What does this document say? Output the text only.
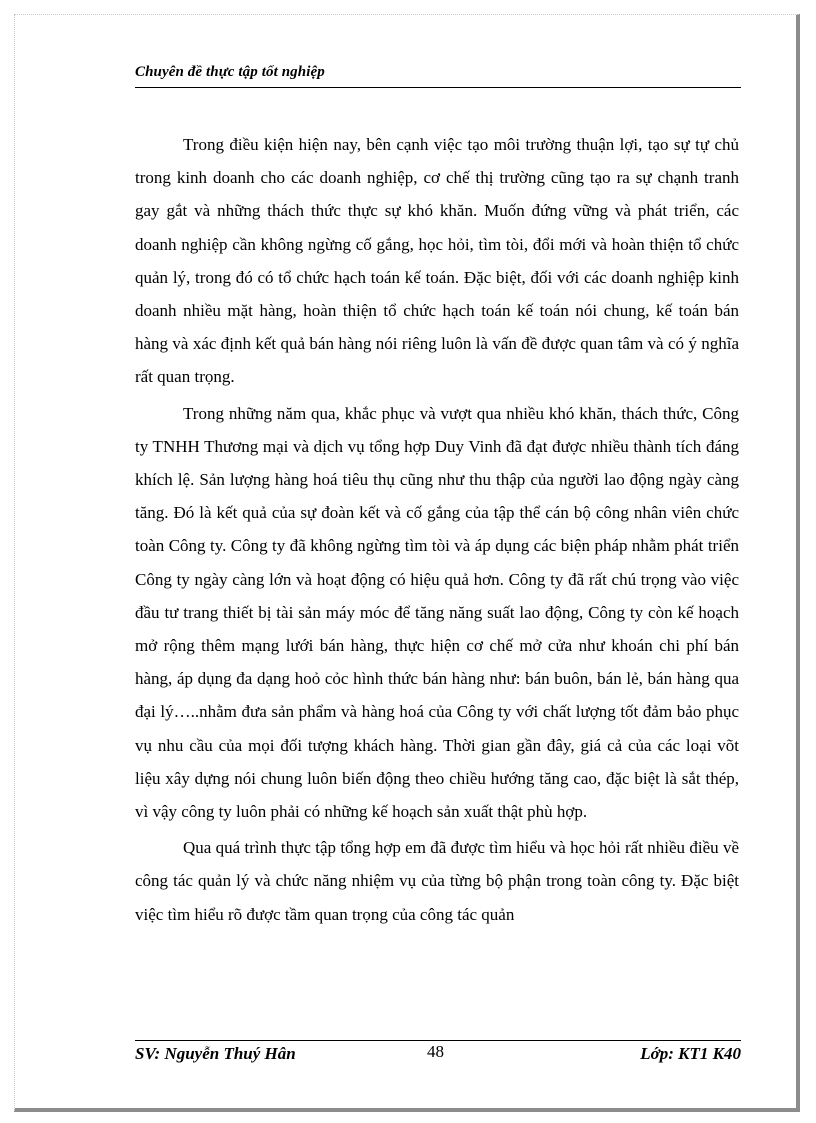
Chuyên đề thực tập tốt nghiệp

Trong điều kiện hiện nay, bên cạnh việc tạo môi trường thuận lợi, tạo sự tự chủ trong kinh doanh cho các doanh nghiệp, cơ chế thị trường cũng tạo ra sự chạnh tranh gay gắt và những thách thức thực sự khó khăn. Muốn đứng vững và phát triển, các doanh nghiệp cần không ngừng cố gắng, học hỏi, tìm tòi, đổi mới và hoàn thiện tổ chức quản lý, trong đó có tổ chức hạch toán kế toán. Đặc biệt, đối với các doanh nghiệp kinh doanh nhiều mặt hàng, hoàn thiện tổ chức hạch toán kế toán nói chung, kế toán bán hàng và xác định kết quả bán hàng nói riêng luôn là vấn đề được quan tâm và có ý nghĩa rất quan trọng.

Trong những năm qua, khắc phục và vượt qua nhiều khó khăn, thách thức, Công ty TNHH Thương mại và dịch vụ tổng hợp Duy Vinh đã đạt được nhiều thành tích đáng khích lệ. Sản lượng hàng hoá tiêu thụ cũng như thu thập của người lao động ngày càng tăng. Đó là kết quả của sự đoàn kết và cố gắng của tập thể cán bộ công nhân viên chức toàn Công ty. Công ty đã không ngừng tìm tòi và áp dụng các biện pháp nhằm phát triển Công ty ngày càng lớn và hoạt động có hiệu quả hơn. Công ty đã rất chú trọng vào việc đầu tư trang thiết bị tài sản máy móc để tăng năng suất lao động, Công ty còn kế hoạch mở rộng thêm mạng lưới bán hàng, thực hiện cơ chế mở cửa như khoán chi phí bán hàng, áp dụng đa dạng hoỏ cỏc hình thức bán hàng như: bán buôn, bán lẻ, bán hàng qua đại lý…..nhằm đưa sản phẩm và hàng hoá của Công ty với chất lượng tốt đảm bảo phục vụ nhu cầu của mọi đối tượng khách hàng. Thời gian gần đây, giá cả của các loại võt liệu xây dựng nói chung luôn biến động theo chiều hướng tăng cao, đặc biệt là sắt thép, vì vậy công ty luôn phải có những kế hoạch sản xuất thật phù hợp.

Qua quá trình thực tập tổng hợp em đã được tìm hiểu và học hỏi rất nhiều điều về công tác quản lý và chức năng nhiệm vụ của từng bộ phận trong toàn công ty. Đặc biệt việc tìm hiểu rõ được tầm quan trọng của công tác quản

SV: Nguyễn Thuý Hân	48	Lớp: KT1 K40
